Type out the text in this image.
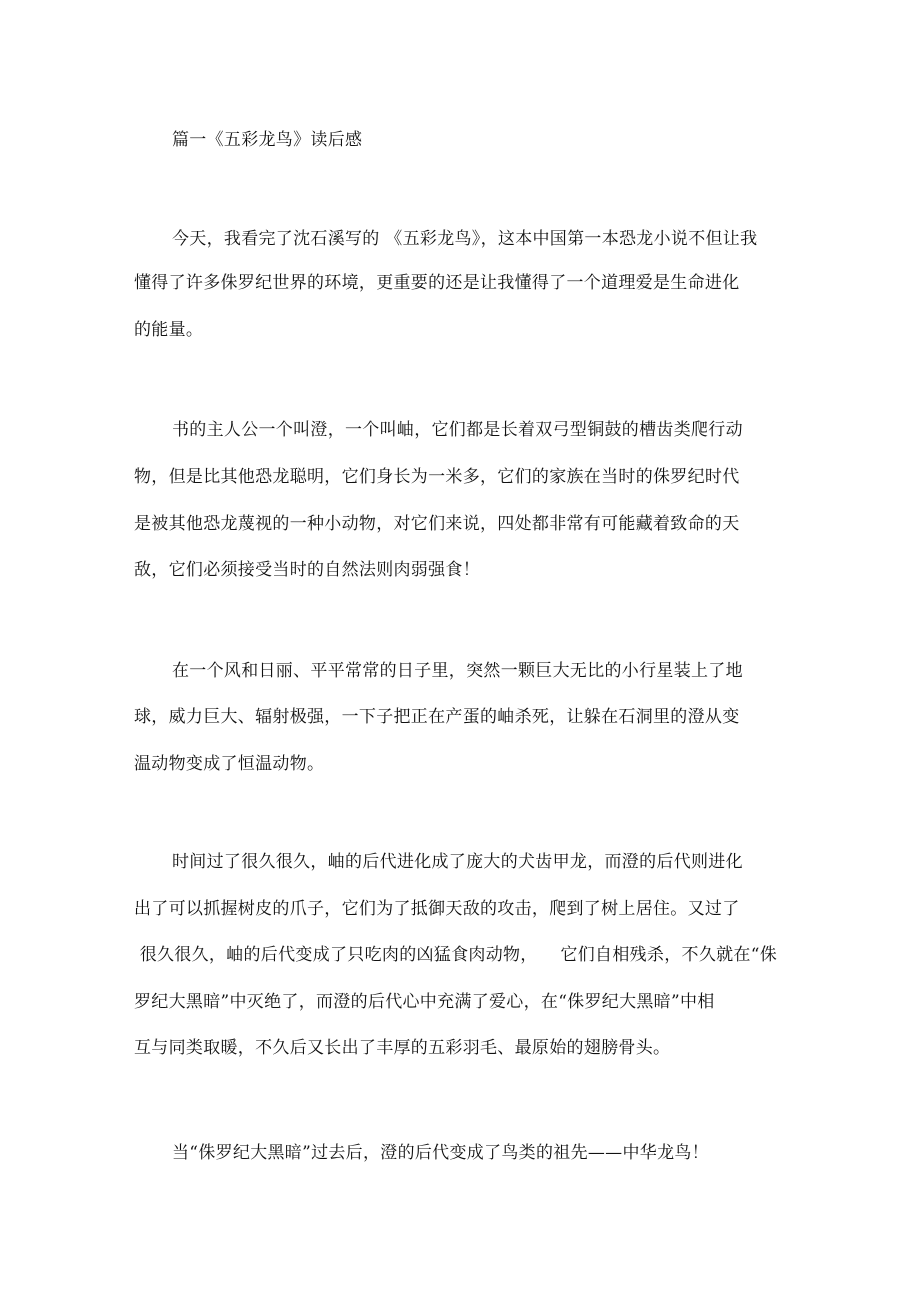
篇一《五彩龙鸟》读后感
今天，我看完了沈石溪写的 《五彩龙鸟》，这本中国第一本恐龙小说不但让我
懂得了许多侏罗纪世界的环境，更重要的还是让我懂得了一个道理爱是生命进化
的能量。
书的主人公一个叫澄，一个叫岫，它们都是长着双弓型铜鼓的槽齿类爬行动
物，但是比其他恐龙聪明，它们身长为一米多，它们的家族在当时的侏罗纪时代
是被其他恐龙蔑视的一种小动物，对它们来说，四处都非常有可能藏着致命的天
敌，它们必须接受当时的自然法则肉弱强食！
在一个风和日丽、平平常常的日子里，突然一颗巨大无比的小行星装上了地
球，威力巨大、辐射极强，一下子把正在产蛋的岫杀死，让躲在石洞里的澄从变
温动物变成了恒温动物。
时间过了很久很久，岫的后代进化成了庞大的犬齿甲龙，而澄的后代则进化
出了可以抓握树皮的爪子，它们为了抵御天敌的攻击，爬到了树上居住。又过了
很久很久，岫的后代变成了只吃肉的凶猛食肉动物，    它们自相残杀，不久就在“侏
罗纪大黑暗”中灭绝了，而澄的后代心中充满了爱心，在“侏罗纪大黑暗”中相
互与同类取暖，不久后又长出了丰厚的五彩羽毛、最原始的翅膀骨头。
当“侏罗纪大黑暗”过去后，澄的后代变成了鸟类的祖先——中华龙鸟！
